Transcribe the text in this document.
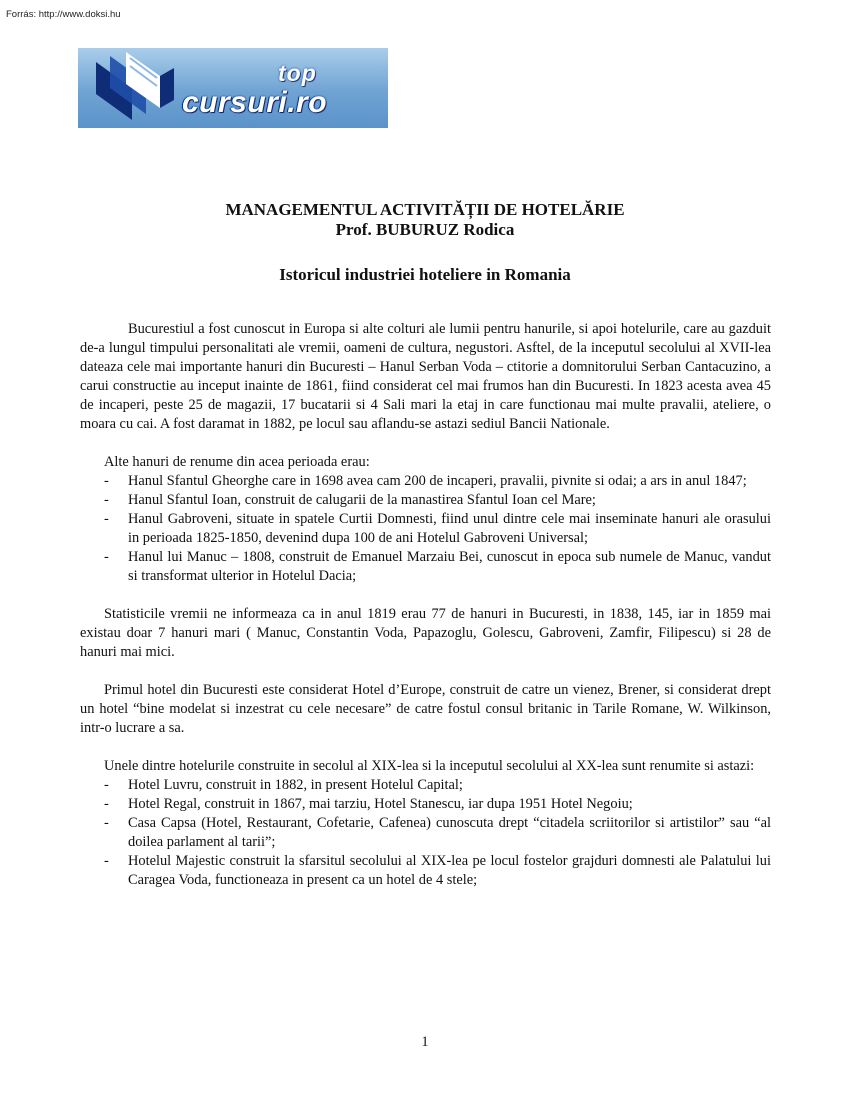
Forrás: http://www.doksi.hu
top
cursuri.ro
MANAGEMENTUL ACTIVITĂȚII DE HOTELĂRIE
Prof. BUBURUZ Rodica
Istoricul industriei hoteliere in Romania

Bucurestiul a fost cunoscut in Europa si alte colturi ale lumii pentru hanurile, si apoi hotelurile, care au gazduit de-a lungul timpului personalitati ale vremii, oameni de cultura, negustori. Asftel, de la inceputul secolului al XVII-lea dateaza cele mai importante hanuri din Bucuresti – Hanul Serban Voda – ctitorie a domnitorului Serban Cantacuzino, a carui constructie au inceput inainte de 1861, fiind considerat cel mai frumos han din Bucuresti. In 1823 acesta avea 45 de incaperi, peste 25 de magazii, 17 bucatarii si 4 Sali mari la etaj in care functionau mai multe pravalii, ateliere, o moara cu cai. A fost daramat in 1882, pe locul sau aflandu-se astazi sediul Bancii Nationale.

Alte hanuri de renume din acea perioada erau:

- Hanul Sfantul Gheorghe care in 1698 avea cam 200 de incaperi, pravalii, pivnite si odai; a ars in anul 1847;
- Hanul Sfantul Ioan, construit de calugarii de la manastirea Sfantul Ioan cel Mare;
- Hanul Gabroveni, situate in spatele Curtii Domnesti, fiind unul dintre cele mai inseminate hanuri ale orasului in perioada 1825-1850, devenind dupa 100 de ani Hotelul Gabroveni Universal;
- Hanul lui Manuc – 1808, construit de Emanuel Marzaiu Bei, cunoscut in epoca sub numele de Manuc, vandut si transformat ulterior in Hotelul Dacia;

Statisticile vremii ne informeaza ca in anul 1819 erau 77 de hanuri in Bucuresti, in 1838, 145, iar in 1859 mai existau doar 7 hanuri mari ( Manuc, Constantin Voda, Papazoglu, Golescu, Gabroveni, Zamfir, Filipescu) si 28 de hanuri mai mici.

Primul hotel din Bucuresti este considerat Hotel d’Europe, construit de catre un vienez, Brener, si considerat drept un hotel “bine modelat si inzestrat cu cele necesare” de catre fostul consul britanic in Tarile Romane, W. Wilkinson, intr-o lucrare a sa.

Unele dintre hotelurile construite in secolul al XIX-lea si la inceputul secolului al XX-lea sunt renumite si astazi:

- Hotel Luvru, construit in 1882, in present Hotelul Capital;
- Hotel Regal, construit in 1867, mai tarziu, Hotel Stanescu, iar dupa 1951 Hotel Negoiu;
- Casa Capsa (Hotel, Restaurant, Cofetarie, Cafenea) cunoscuta drept “citadela scriitorilor si artistilor” sau “al doilea parlament al tarii”;
- Hotelul Majestic construit la sfarsitul secolului al XIX-lea pe locul fostelor grajduri domnesti ale Palatului lui Caragea Voda, functioneaza in present ca un hotel de 4 stele;
1
